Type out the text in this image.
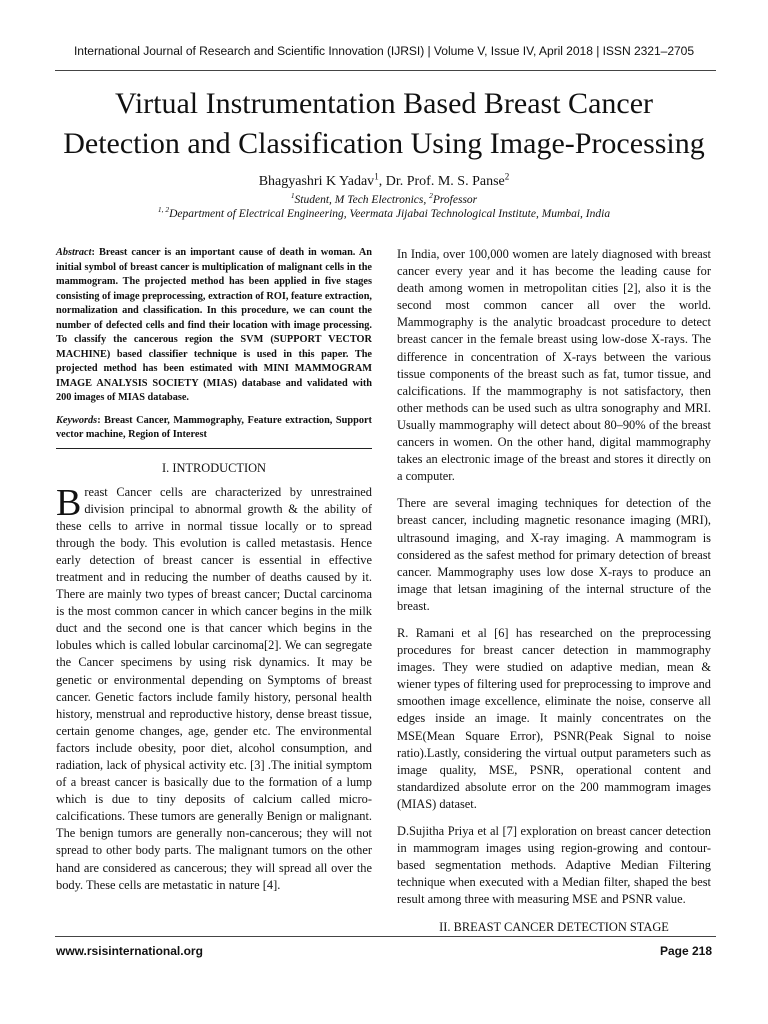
International Journal of Research and Scientific Innovation (IJRSI) | Volume V, Issue IV, April 2018 | ISSN 2321–2705
Virtual Instrumentation Based Breast Cancer
Detection and Classification Using Image-Processing
Bhagyashri K Yadav$^1$, Dr. Prof. M. S. Panse$^2$
$^1$Student, M Tech Electronics, $^2$Professor
$^{1, 2}$Department of Electrical Engineering, Veermata Jijabai Technological Institute, Mumbai, India

Abstract: Breast cancer is an important cause of death in woman. An initial symbol of breast cancer is multiplication of malignant cells in the mammogram. The projected method has been applied in five stages consisting of image preprocessing, extraction of ROI, feature extraction, normalization and classification. In this procedure, we can count the number of defected cells and find their location with image processing. To classify the cancerous region the SVM (SUPPORT VECTOR MACHINE) based classifier technique is used in this paper. The projected method has been estimated with MINI MAMMOGRAM IMAGE ANALYSIS SOCIETY (MIAS) database and validated with 200 images of MIAS database.

Keywords: Breast Cancer, Mammography, Feature extraction, Support vector machine, Region of Interest

I. INTRODUCTION

Breast Cancer cells are characterized by unrestrained division principal to abnormal growth & the ability of these cells to arrive in normal tissue locally or to spread through the body. This evolution is called metastasis. Hence early detection of breast cancer is essential in effective treatment and in reducing the number of deaths caused by it. There are mainly two types of breast cancer; Ductal carcinoma is the most common cancer in which cancer begins in the milk duct and the second one is that cancer which begins in the lobules which is called lobular carcinoma[2]. We can segregate the Cancer specimens by using risk dynamics. It may be genetic or environmental depending on Symptoms of breast cancer. Genetic factors include family history, personal health history, menstrual and reproductive history, dense breast tissue, certain genome changes, age, gender etc. The environmental factors include obesity, poor diet, alcohol consumption, and radiation, lack of physical activity etc. [3] .The initial symptom of a breast cancer is basically due to the formation of a lump which is due to tiny deposits of calcium called micro-calcifications. These tumors are generally Benign or malignant. The benign tumors are generally non-cancerous; they will not spread to other body parts. The malignant tumors on the other hand are considered as cancerous; they will spread all over the body. These cells are metastatic in nature [4].

In India, over 100,000 women are lately diagnosed with breast cancer every year and it has become the leading cause for death among women in metropolitan cities [2], also it is the second most common cancer all over the world. Mammography is the analytic broadcast procedure to detect breast cancer in the female breast using low-dose X-rays. The difference in concentration of X-rays between the various tissue components of the breast such as fat, tumor tissue, and calcifications. If the mammography is not satisfactory, then other methods can be used such as ultra sonography and MRI. Usually mammography will detect about 80–90% of the breast cancers in women. On the other hand, digital mammography takes an electronic image of the breast and stores it directly on a computer.

There are several imaging techniques for detection of the breast cancer, including magnetic resonance imaging (MRI), ultrasound imaging, and X-ray imaging. A mammogram is considered as the safest method for primary detection of breast cancer. Mammography uses low dose X-rays to produce an image that letsan imagining of the internal structure of the breast.

R. Ramani et al [6] has researched on the preprocessing procedures for breast cancer detection in mammography images. They were studied on adaptive median, mean & wiener types of filtering used for preprocessing to improve and smoothen image excellence, eliminate the noise, conserve all edges inside an image. It mainly concentrates on the MSE(Mean Square Error), PSNR(Peak Signal to noise ratio).Lastly, considering the virtual output parameters such as image quality, MSE, PSNR, operational content and standardized absolute error on the 200 mammogram images (MIAS) dataset.

D.Sujitha Priya et al [7] exploration on breast cancer detection in mammogram images using region-growing and contour-based segmentation methods. Adaptive Median Filtering technique when executed with a Median filter, shaped the best result among three with measuring MSE and PSNR value.

II. BREAST CANCER DETECTION STAGE
www.rsisinternational.org	Page 218
